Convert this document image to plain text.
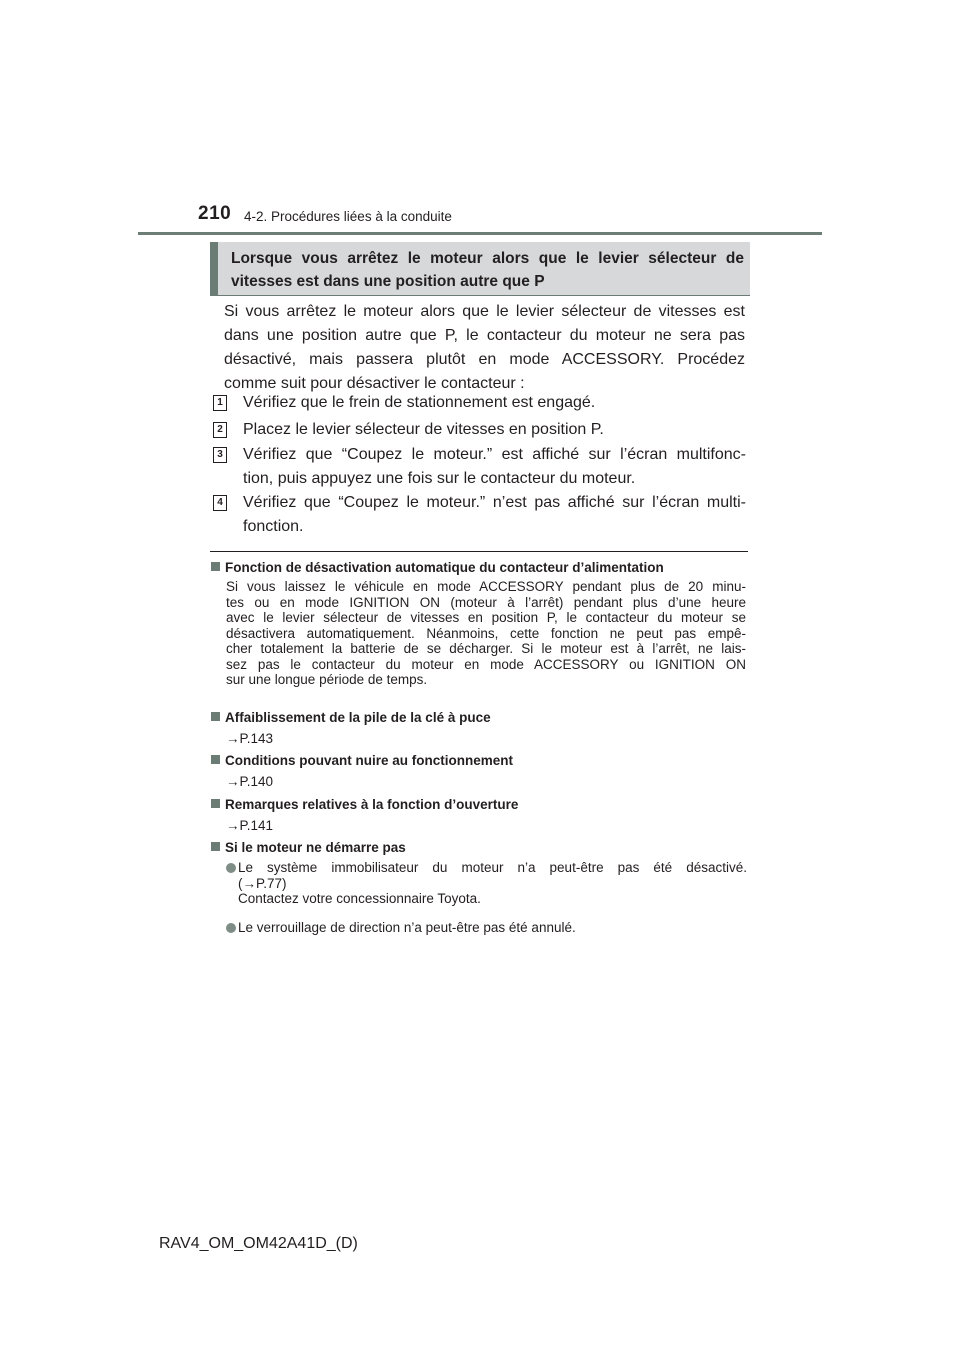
210 4-2. Procédures liées à la conduite
Lorsque vous arrêtez le moteur alors que le levier sélecteur de
vitesses est dans une position autre que P
Si vous arrêtez le moteur alors que le levier sélecteur de vitesses est
dans une position autre que P, le contacteur du moteur ne sera pas
désactivé, mais passera plutôt en mode ACCESSORY. Procédez
comme suit pour désactiver le contacteur :
1 Vérifiez que le frein de stationnement est engagé.
2 Placez le levier sélecteur de vitesses en position P.
3 Vérifiez que “Coupez le moteur.” est affiché sur l’écran multifonc-
tion, puis appuyez une fois sur le contacteur du moteur.
4 Vérifiez que “Coupez le moteur.” n’est pas affiché sur l’écran multi-
fonction.
Fonction de désactivation automatique du contacteur d’alimentation
Si vous laissez le véhicule en mode ACCESSORY pendant plus de 20 minu-
tes ou en mode IGNITION ON (moteur à l’arrêt) pendant plus d’une heure
avec le levier sélecteur de vitesses en position P, le contacteur du moteur se
désactivera automatiquement. Néanmoins, cette fonction ne peut pas empê-
cher totalement la batterie de se décharger. Si le moteur est à l’arrêt, ne lais-
sez pas le contacteur du moteur en mode ACCESSORY ou IGNITION ON
sur une longue période de temps.
Affaiblissement de la pile de la clé à puce
→P.143
Conditions pouvant nuire au fonctionnement
→P.140
Remarques relatives à la fonction d’ouverture
→P.141
Si le moteur ne démarre pas
Le système immobilisateur du moteur n’a peut-être pas été désactivé.
(→P.77)
Contactez votre concessionnaire Toyota.
Le verrouillage de direction n’a peut-être pas été annulé.
RAV4_OM_OM42A41D_(D)
